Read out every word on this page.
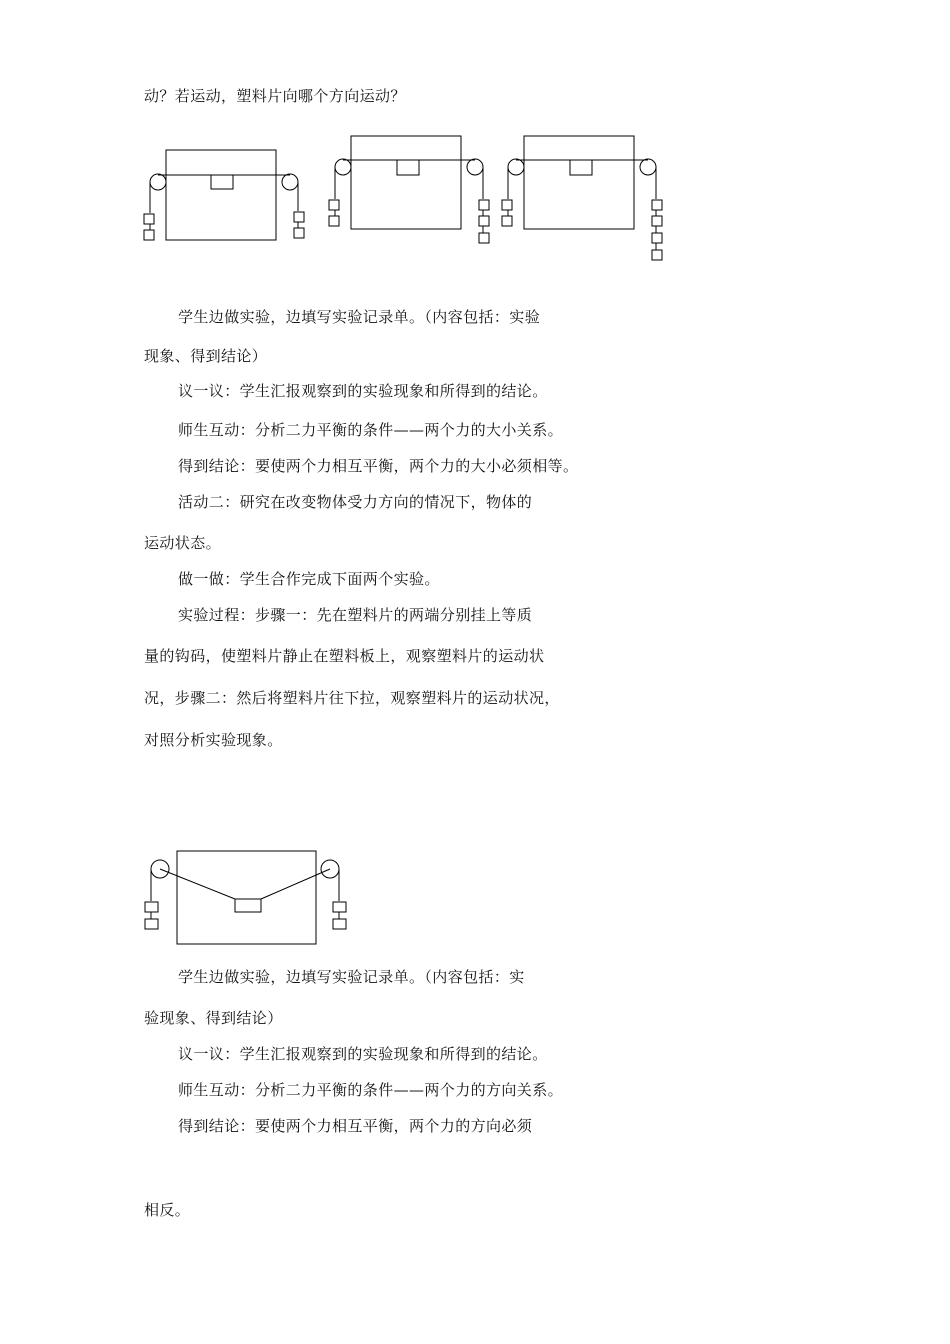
动？若运动，塑料片向哪个方向运动？
学生边做实验，边填写实验记录单。（内容包括：实验
现象、得到结论）
议一议：学生汇报观察到的实验现象和所得到的结论。
师生互动：分析二力平衡的条件——两个力的大小关系。
得到结论：要使两个力相互平衡，两个力的大小必须相等。
活动二：研究在改变物体受力方向的情况下，物体的
运动状态。
做一做：学生合作完成下面两个实验。
实验过程：步骤一：先在塑料片的两端分别挂上等质
量的钩码，使塑料片静止在塑料板上，观察塑料片的运动状
况，步骤二：然后将塑料片往下拉，观察塑料片的运动状况，
对照分析实验现象。
学生边做实验，边填写实验记录单。（内容包括：实
验现象、得到结论）
议一议：学生汇报观察到的实验现象和所得到的结论。
师生互动：分析二力平衡的条件——两个力的方向关系。
得到结论：要使两个力相互平衡，两个力的方向必须
相反。
